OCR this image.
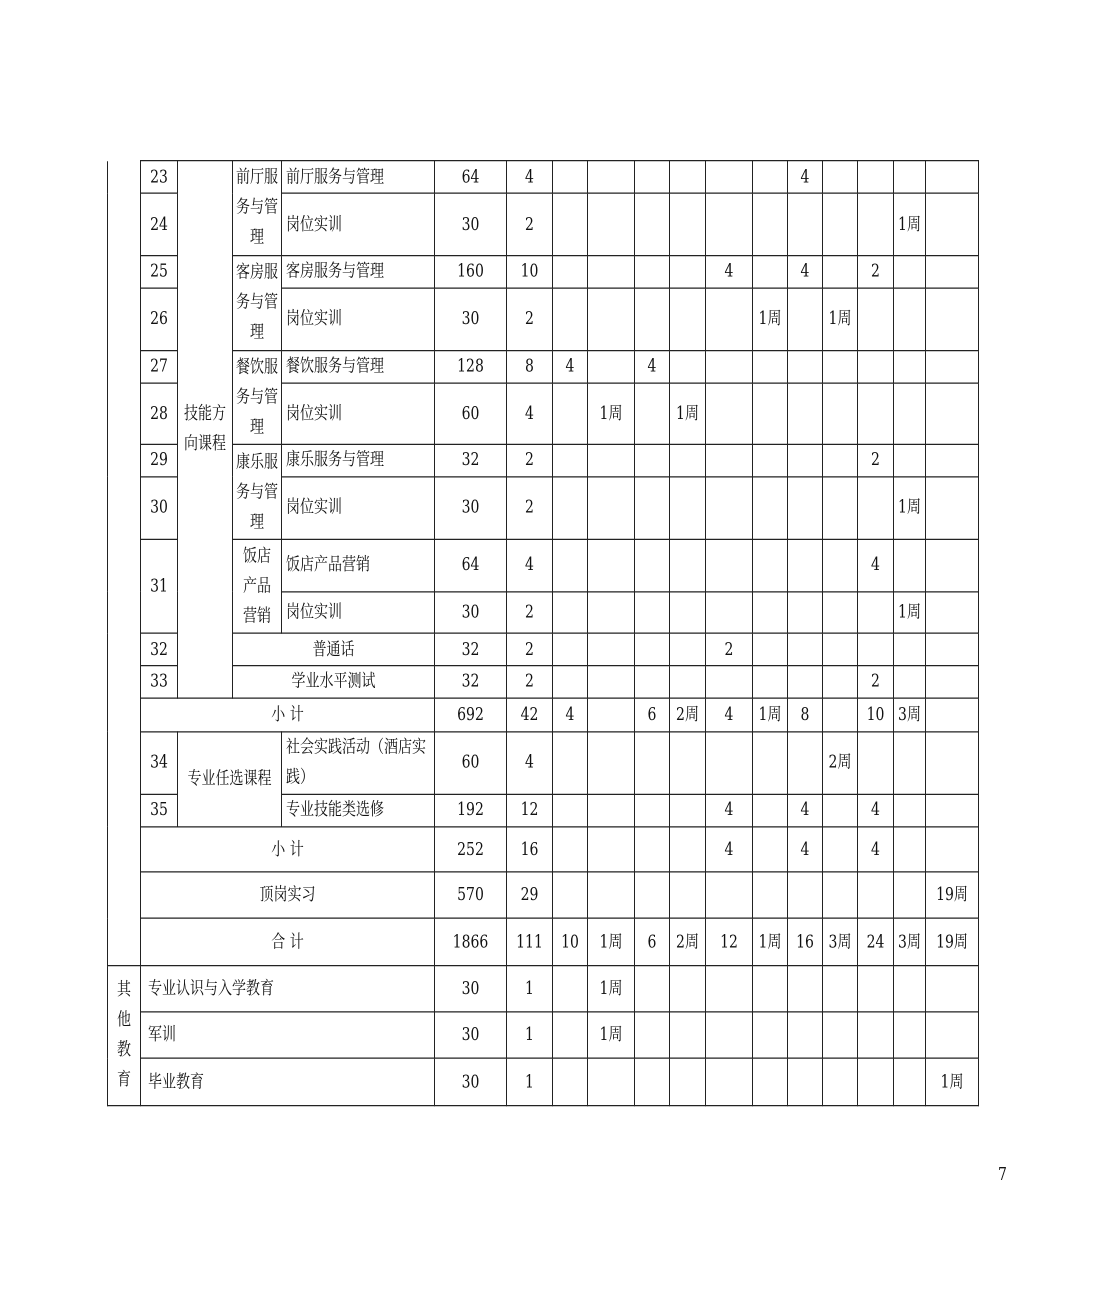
	23	技能方向课程	前厅服务与管理	前厅服务与管理	64	4							4				
	24			岗位实训	30	2										1周	
	25		客房服务与管理	客房服务与管理	160	10					4		4		2		
	26			岗位实训	30	2						1周		1周			
	27		餐饮服务与管理	餐饮服务与管理	128	8	4		4								
	28			岗位实训	60	4		1周		1周							
	29		康乐服务与管理	康乐服务与管理	32	2									2		
	30			岗位实训	30	2										1周	
	31		饭店产品营销	饭店产品营销	64	4									4		
				岗位实训	30	2										1周	
	32		普通话		32	2					2						
	33		学业水平测试		32	2									2		
	小 计				692	42	4		6	2周	4	1周	8		10	3周	
	34	专业任选课程		社会实践活动（酒店实践）	60	4								2周			
	35			专业技能类选修	192	12					4		4		4		
	小 计				252	16					4		4		4		
	顶岗实习				570	29											19周
	合 计				1866	111	10	1周	6	2周	12	1周	16	3周	24	3周	19周
其他教育	专业认识与入学教育				30	1		1周									
	军训				30	1		1周									
	毕业教育				30	1											1周
7
